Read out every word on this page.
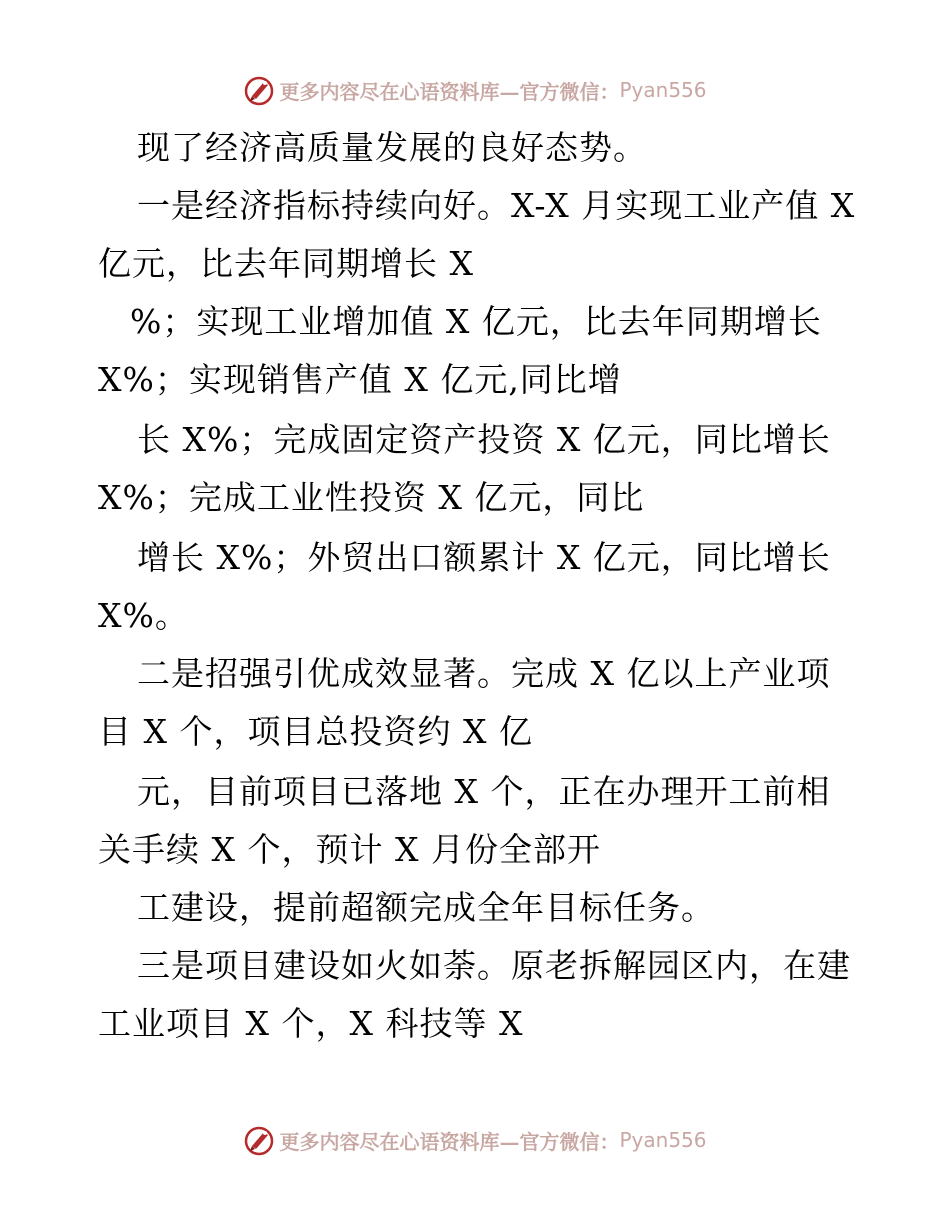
更多内容尽在心语资料库—官方微信： Pyan556
现了经济高质量发展的良好态势。
一是经济指标持续向好。X-X 月实现工业产值 X
亿元，比去年同期增长 X
%；实现工业增加值 X 亿元，比去年同期增长
X%；实现销售产值 X 亿元,同比增
长 X%；完成固定资产投资 X 亿元，同比增长
X%；完成工业性投资 X 亿元，同比
增长 X%；外贸出口额累计 X 亿元，同比增长
X%。
二是招强引优成效显著。完成 X 亿以上产业项
目 X 个，项目总投资约 X 亿
元，目前项目已落地 X 个，正在办理开工前相
关手续 X 个，预计 X 月份全部开
工建设，提前超额完成全年目标任务。
三是项目建设如火如荼。原老拆解园区内，在建
工业项目 X 个，X 科技等 X
更多内容尽在心语资料库—官方微信： Pyan556
